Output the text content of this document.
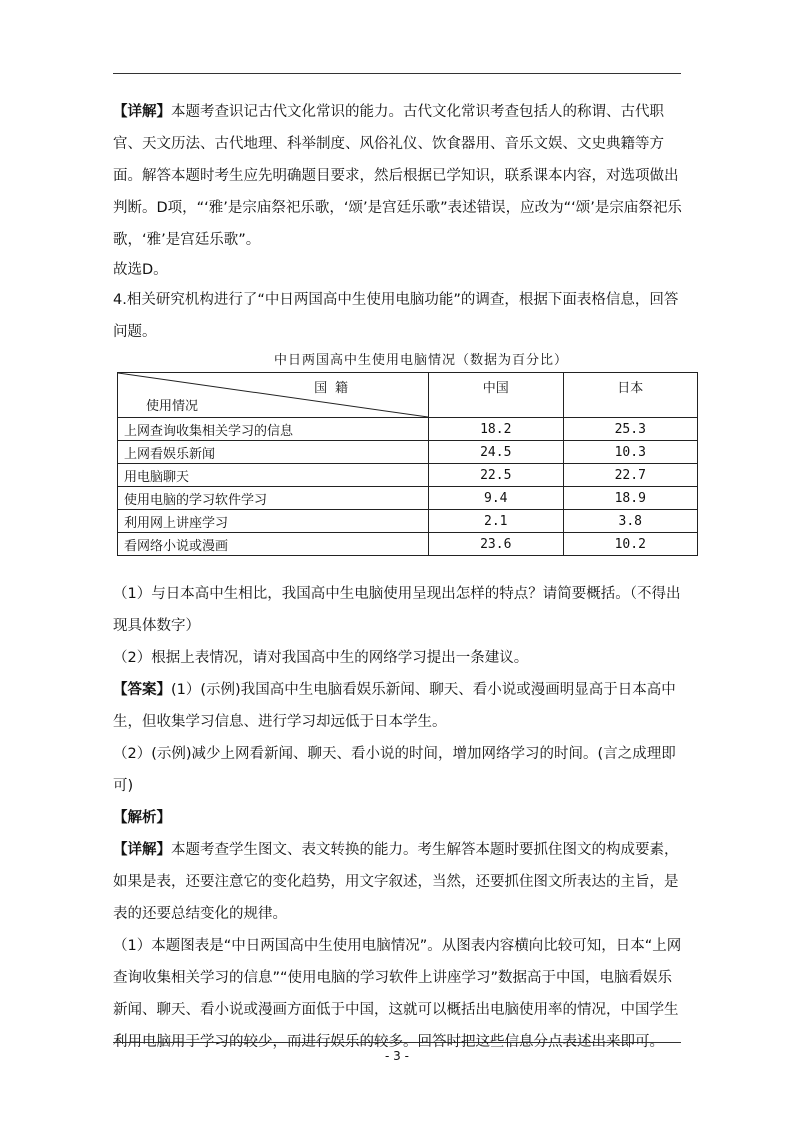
【详解】本题考查识记古代文化常识的能力。古代文化常识考查包括人的称谓、古代职官、天文历法、古代地理、科举制度、风俗礼仪、饮食器用、音乐文娱、文史典籍等方面。解答本题时考生应先明确题目要求，然后根据已学知识，联系课本内容，对选项做出判断。D项，“‘雅’是宗庙祭祀乐歌，‘颂’是宫廷乐歌”表述错误，应改为“‘颂’是宗庙祭祀乐歌，‘雅’是宫廷乐歌”。

故选D。

4.相关研究机构进行了“中日两国高中生使用电脑功能”的调查，根据下面表格信息，回答问题。

中日两国高中生使用电脑情况（数据为百分比）
国 籍
使用情况	中国	日本
上网查询收集相关学习的信息	18.2	25.3
上网看娱乐新闻	24.5	10.3
用电脑聊天	22.5	22.7
使用电脑的学习软件学习	9.4	18.9
利用网上讲座学习	2.1	3.8
看网络小说或漫画	23.6	10.2

（1）与日本高中生相比，我国高中生电脑使用呈现出怎样的特点？请简要概括。（不得出现具体数字）

（2）根据上表情况，请对我国高中生的网络学习提出一条建议。

【答案】(1）(示例)我国高中生电脑看娱乐新闻、聊天、看小说或漫画明显高于日本高中生，但收集学习信息、进行学习却远低于日本学生。

（2）(示例)减少上网看新闻、聊天、看小说的时间，增加网络学习的时间。(言之成理即可)

【解析】

【详解】本题考查学生图文、表文转换的能力。考生解答本题时要抓住图文的构成要素，如果是表，还要注意它的变化趋势，用文字叙述，当然，还要抓住图文所表达的主旨，是表的还要总结变化的规律。

（1）本题图表是“中日两国高中生使用电脑情况”。从图表内容横向比较可知，日本“上网查询收集相关学习的信息”“使用电脑的学习软件上讲座学习”数据高于中国，电脑看娱乐新闻、聊天、看小说或漫画方面低于中国，这就可以概括出电脑使用率的情况，中国学生利用电脑用于学习的较少，而进行娱乐的较多。回答时把这些信息分点表述出来即可。

- 3 -
